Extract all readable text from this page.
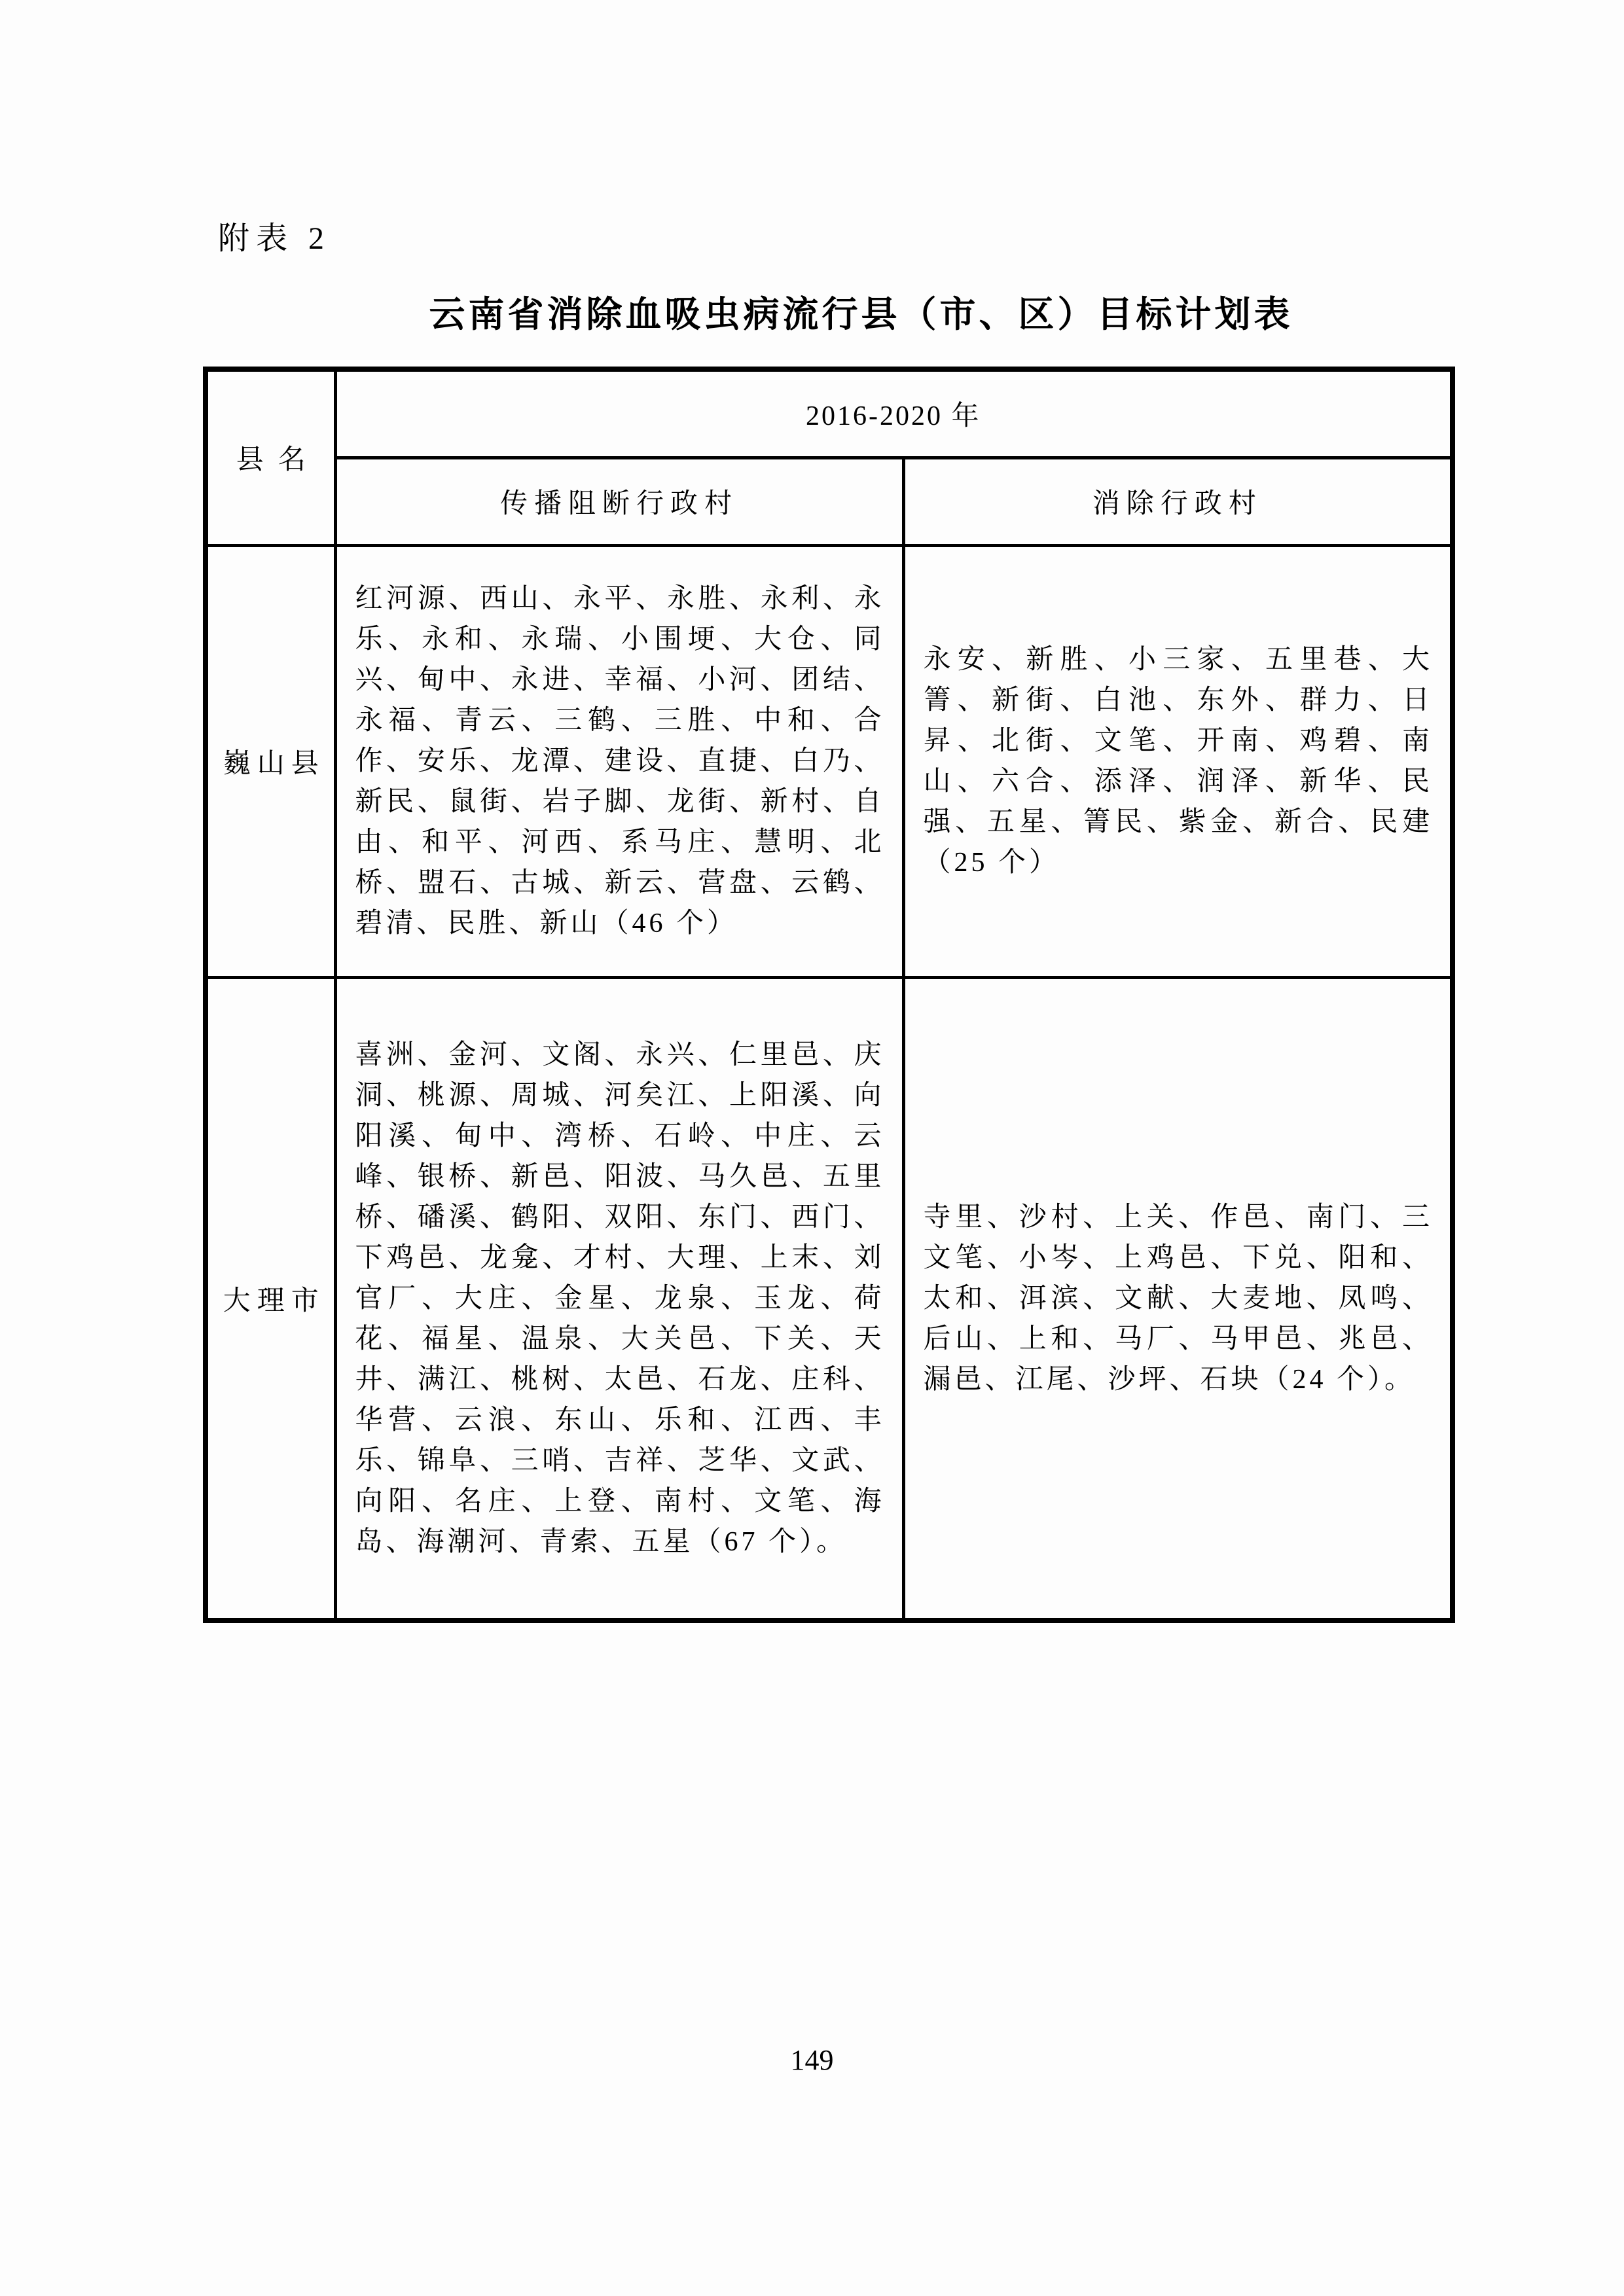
附表 2
云南省消除血吸虫病流行县（市、区）目标计划表
县名	2016-2020 年	
	传播阻断行政村	消除行政村
巍山县	红河源、西山、永平、永胜、永利、永乐、永和、永瑞、小围埂、大仓、同兴、甸中、永进、幸福、小河、团结、永福、青云、三鹤、三胜、中和、合作、安乐、龙潭、建设、直捷、白乃、新民、鼠街、岩子脚、龙街、新村、自由、和平、河西、系马庄、慧明、北桥、盟石、古城、新云、营盘、云鹤、碧清、民胜、新山（46 个）	永安、新胜、小三家、五里巷、大箐、新街、白池、东外、群力、日昇、北街、文笔、开南、鸡碧、南山、六合、添泽、润泽、新华、民强、五星、箐民、紫金、新合、民建（25 个）
大理市	喜洲、金河、文阁、永兴、仁里邑、庆洞、桃源、周城、河矣江、上阳溪、向阳溪、甸中、湾桥、石岭、中庄、云峰、银桥、新邑、阳波、马久邑、五里桥、磻溪、鹤阳、双阳、东门、西门、下鸡邑、龙龛、才村、大理、上末、刘官厂、大庄、金星、龙泉、玉龙、荷花、福星、温泉、大关邑、下关、天井、满江、桃树、太邑、石龙、庄科、华营、云浪、东山、乐和、江西、丰乐、锦阜、三哨、吉祥、芝华、文武、向阳、名庄、上登、南村、文笔、海岛、海潮河、青索、五星（67 个）。	寺里、沙村、上关、作邑、南门、三文笔、小岑、上鸡邑、下兑、阳和、太和、洱滨、文献、大麦地、凤鸣、后山、上和、马厂、马甲邑、兆邑、漏邑、江尾、沙坪、石块（24 个）。
149
